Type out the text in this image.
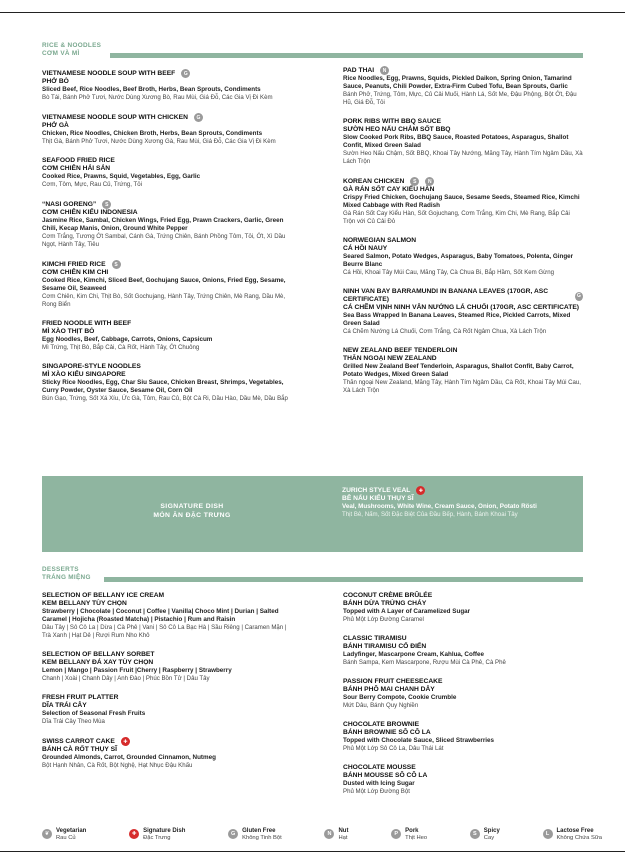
RICE & NOODLES
CƠM VÀ MÌ
VIETNAMESE NOODLE SOUP WITH BEEF	G
PHỞ BÒ
Sliced Beef, Rice Noodles, Beef Broth, Herbs, Bean Sprouts, Condiments
Bò Tái, Bánh Phở Tươi, Nước Dùng Xương Bò, Rau Mùi, Giá Đỗ, Các Gia Vị Đi Kèm
VIETNAMESE NOODLE SOUP WITH CHICKEN	G
PHỞ GÀ
Chicken, Rice Noodles, Chicken Broth, Herbs, Bean Sprouts, Condiments
Thịt Gà, Bánh Phở Tươi, Nước Dùng Xương Gà, Rau Mùi, Giá Đỗ, Các Gia Vị Đi Kèm
SEAFOOD FRIED RICE
CƠM CHIÊN HẢI SẢN
Cooked Rice, Prawns, Squid, Vegetables, Egg, Garlic
Cơm, Tôm, Mực, Rau Củ, Trứng, Tỏi
“NASI GORENG”	S
CƠM CHIÊN KIỂU INDONESIA
Jasmine Rice, Sambal, Chicken Wings, Fried Egg, Prawn Crackers, Garlic, Green Chili, Kecap Manis, Onion, Ground White Pepper
Cơm Trắng, Tương Ớt Sambal, Cánh Gà, Trứng Chiên, Bánh Phồng Tôm, Tỏi, Ớt, Xì Dầu Ngọt, Hành Tây, Tiêu
KIMCHI FRIED RICE	S
CƠM CHIÊN KIM CHI
Cooked Rice, Kimchi, Sliced Beef, Gochujang Sauce, Onions, Fried Egg, Sesame, Sesame Oil, Seaweed
Cơm Chiên, Kim Chi, Thịt Bò, Sốt Gochujang, Hành Tây, Trứng Chiên, Mè Rang, Dầu Mè, Rong Biển
FRIED NOODLE WITH BEEF
MÌ XÀO THỊT BÒ
Egg Noodles, Beef, Cabbage, Carrots, Onions, Capsicum
Mì Trứng, Thịt Bò, Bắp Cải, Cà Rốt, Hành Tây, Ớt Chuông
SINGAPORE-STYLE NOODLES
MÌ XÀO KIỂU SINGAPORE
Sticky Rice Noodles, Egg, Char Siu Sauce, Chicken Breast, Shrimps, Vegetables, Curry Powder, Oyster Sauce, Sesame Oil, Corn Oil
Bún Gạo, Trứng, Sốt Xá Xíu, Ức Gà, Tôm, Rau Củ, Bột Cà Ri, Dầu Hào, Dầu Mè, Dầu Bắp
PAD THAI	N
Rice Noodles, Egg, Prawns, Squids, Pickled Daikon, Spring Onion, Tamarind Sauce, Peanuts, Chili Powder, Extra-Firm Cubed Tofu, Bean Sprouts, Garlic
Bánh Phở, Trứng, Tôm, Mực, Củ Cải Muối, Hành Lá, Sốt Me, Đậu Phộng, Bột Ớt, Đậu Hũ, Giá Đỗ, Tỏi
PORK RIBS WITH BBQ SAUCE
SƯỜN HEO NẤU CHẢM SỐT BBQ
Slow Cooked Pork Ribs, BBQ Sauce, Roasted Potatoes, Asparagus, Shallot Confit, Mixed Green Salad
Sườn Heo Nấu Chậm, Sốt BBQ, Khoai Tây Nướng, Măng Tây, Hành Tím Ngâm Dầu, Xà Lách Trộn
KOREAN CHICKEN	S	N
GÀ RÁN SỐT CAY KIỂU HÀN
Crispy Fried Chicken, Gochujang Sauce, Sesame Seeds, Steamed Rice, Kimchi Mixed Cabbage with Red Radish
Gà Rán Sốt Cay Kiểu Hàn, Sốt Gojuchang, Cơm Trắng, Kim Chi, Mè Rang, Bắp Cải Trộn với Củ Cải Đỏ
NORWEGIAN SALMON
CÁ HỒI NAUY
Seared Salmon, Potato Wedges, Asparagus, Baby Tomatoes, Polenta, Ginger Beurre Blanc
Cá Hồi, Khoai Tây Múi Cau, Măng Tây, Cà Chua Bi, Bắp Hầm, Sốt Kem Gừng
NINH VAN BAY BARRAMUNDI IN BANANA LEAVES (170GR, ASC CERTIFICATE)	G
CÁ CHẼM VỊNH NINH VÂN NƯỚNG LÁ CHUỐI (170GR, ASC CERTIFICATE)
Sea Bass Wrapped In Banana Leaves, Steamed Rice, Pickled Carrots, Mixed Green Salad
Cá Chẽm Nướng Lá Chuối, Cơm Trắng, Cà Rốt Ngâm Chua, Xà Lách Trộn
NEW ZEALAND BEEF TENDERLOIN
THĂN NGOẠI NEW ZEALAND
Grilled New Zealand Beef Tenderloin, Asparagus, Shallot Confit, Baby Carrot, Potato Wedges, Mixed Green Salad
Thăn ngoại New Zealand, Măng Tây, Hành Tím Ngâm Dầu, Cà Rốt, Khoai Tây Múi Cau, Xà Lách Trộn
SIGNATURE DISH
MÓN ĂN ĐẶC TRƯNG
ZURICH STYLE VEAL	✚
BÊ NẤU KIỂU THỤY SĨ
Veal, Mushrooms, White Wine, Cream Sauce, Onion, Potato Rösti
Thịt Bê, Nấm, Sốt Đặc Biệt Của Đầu Bếp, Hành, Bánh Khoai Tây
DESSERTS
TRÁNG MIỆNG
SELECTION OF BELLANY ICE CREAM
KEM BELLANY TÙY CHỌN
Strawberry | Chocolate | Coconut | Coffee | Vanilla| Choco Mint | Durian | Salted Caramel | Hojicha (Roasted Matcha) | Pistachio | Rum and Raisin
Dâu Tây | Sô Cô La | Dừa | Cà Phê | Vani | Sô Cô La Bạc Hà | Sầu Riêng | Caramen Mặn | Trà Xanh | Hạt Dẻ | Rượi Rum Nho Khô
SELECTION OF BELLANY SORBET
KEM BELLANY ĐÁ XAY TÙY CHỌN
Lemon | Mango | Passion Fruit |Cherry | Raspberry | Strawberry
Chanh | Xoài | Chanh Dây | Anh Đào | Phúc Bồn Tử | Dâu Tây
FRESH FRUIT PLATTER
DĨA TRÁI CÂY
Selection of Seasonal Fresh Fruits
Dĩa Trái Cây Theo Mùa
SWISS CARROT CAKE	✚
BÁNH CÀ RỐT THỤY SĨ
Grounded Almonds, Carrot, Grounded Cinnamon, Nutmeg
Bột Hạnh Nhân, Cà Rốt, Bột Nghệ, Hạt Nhục Đậu Khấu
COCONUT CRÈME BRÛLÉE
BÁNH DỪA TRỨNG CHÁY
Topped with A Layer of Caramelized Sugar
Phủ Một Lớp Đường Caramel
CLASSIC TIRAMISU
BÁNH TIRAMISU CỔ ĐIỂN
Ladyfinger, Mascarpone Cream, Kahlua, Coffee
Bánh Sampa, Kem Mascarpone, Rượu Mùi Cà Phê, Cà Phê
PASSION FRUIT CHEESECAKE
BÁNH PHÔ MAI CHANH DÂY
Sour Berry Compote, Cookie Crumble
Mứt Dâu, Bánh Quy Nghiền
CHOCOLATE BROWNIE
BÁNH BROWNIE SÔ CÔ LA
Topped with Chocolate Sauce, Sliced Strawberries
Phủ Một Lớp Sô Cô La, Dâu Thái Lát
CHOCOLATE MOUSSE
BÁNH MOUSSE SÔ CÔ LA
Dusted with Icing Sugar
Phủ Một Lớp Đường Bột
❦	Vegetarian
Rau Củ
✚	Signature Dish
Đặc Trưng
G	Gluten Free
Không Tinh Bột
N	Nut
Hạt
P	Pork
Thịt Heo
S	Spicy
Cay
L	Lactose Free
Không Chứa Sữa
